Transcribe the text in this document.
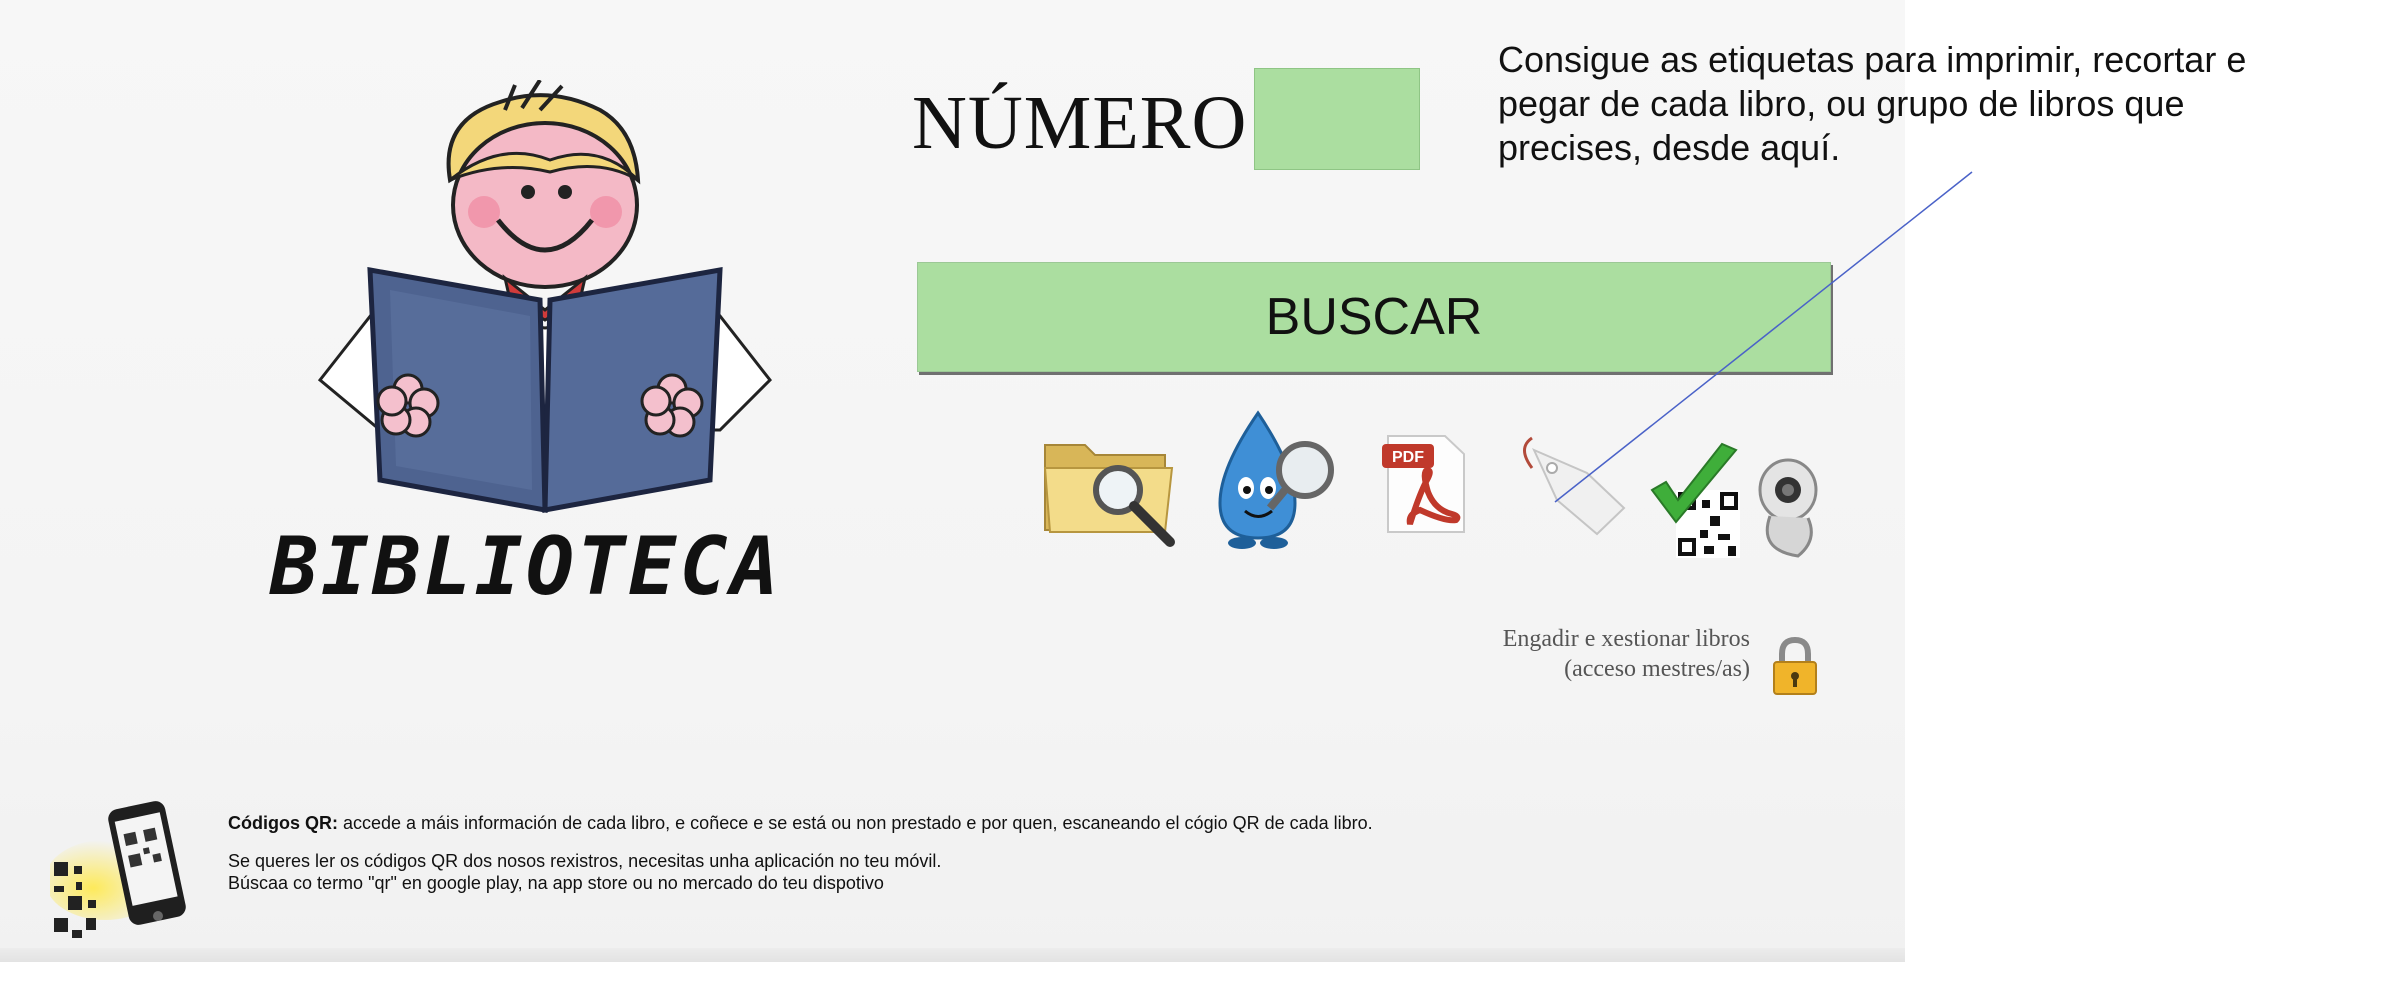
BIBLIOTECA
NÚMERO
BUSCAR
PDF
Consigue as etiquetas para imprimir, recortar e pegar de cada libro, ou grupo de libros que precises, desde aquí.
Engadir e xestionar libros
(acceso mestres/as)

Códigos QR: accede a máis información de cada libro, e coñece e se está ou non prestado e por quen, escaneando el cógio QR de cada libro.

Se queres ler os códigos QR dos nosos rexistros, necesitas unha aplicación no teu móvil.

Búscaa co termo "qr" en google play, na app store ou no mercado do teu dispotivo
